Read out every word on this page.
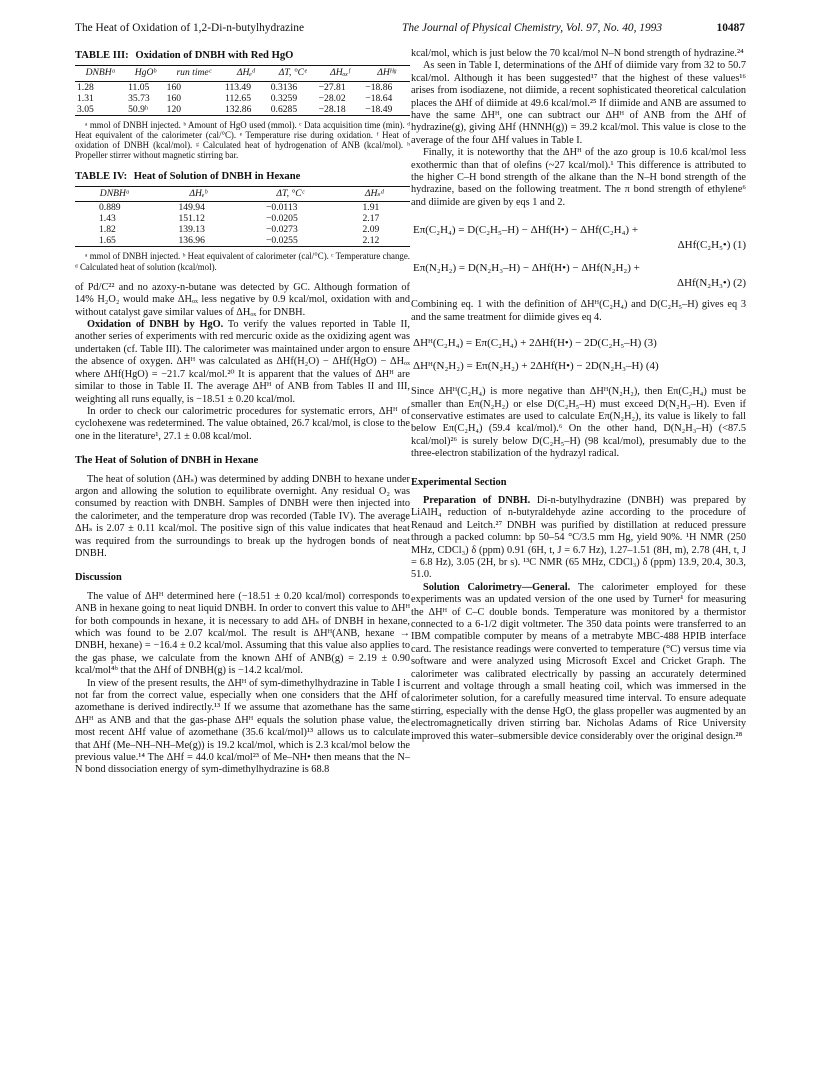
The Heat of Oxidation of 1,2-Di-n-butylhydrazine	The Journal of Physical Chemistry, Vol. 97, No. 40, 1993	10487
TABLE III: Oxidation of DNBH with Red HgO
DNBHᵃ	HgOᵇ	run timeᶜ	ΔHₑᵈ	ΔT, °Cᵉ	ΔHₒₓᶠ	ΔHᴴᵍ
1.28	11.05	160	113.49	0.3136	−27.81	−18.86
1.31	35.73	160	112.65	0.3259	−28.02	−18.64
3.05	50.9ʰ	120	132.86	0.6285	−28.18	−18.49

ᵃ mmol of DNBH injected. ᵇ Amount of HgO used (mmol). ᶜ Data acquisition time (min). ᵈ Heat equivalent of the calorimeter (cal/°C). ᵉ Temperature rise during oxidation. ᶠ Heat of oxidation of DNBH (kcal/mol). ᵍ Calculated heat of hydrogenation of ANB (kcal/mol). ʰ Propeller stirrer without magnetic stirring bar.

TABLE IV: Heat of Solution of DNBH in Hexane
DNBHᵃ	ΔHₑᵇ	ΔT, °Cᶜ	ΔHₛᵈ
0.889	149.94	−0.0113	1.91
1.43	151.12	−0.0205	2.17
1.82	139.13	−0.0273	2.09
1.65	136.96	−0.0255	2.12

ᵃ mmol of DNBH injected. ᵇ Heat equivalent of calorimeter (cal/°C). ᶜ Temperature change. ᵈ Calculated heat of solution (kcal/mol).

of Pd/C²² and no azoxy-n-butane was detected by GC. Although formation of 14% H₂O₂ would make ΔHₒₓ less negative by 0.9 kcal/mol, oxidation with and without catalyst gave similar values of ΔHₒₓ for DNBH.

Oxidation of DNBH by HgO. To verify the values reported in Table II, another series of experiments with red mercuric oxide as the oxidizing agent was undertaken (cf. Table III). The calorimeter was maintained under argon to ensure the absence of oxygen. ΔHᴴ was calculated as ΔHf(H₂O) − ΔHf(HgO) − ΔHₒₓ where ΔHf(HgO) = −21.7 kcal/mol.²⁰ It is apparent that the values of ΔHᴴ are similar to those in Table II. The average ΔHᴴ of ANB from Tables II and III, weighting all runs equally, is −18.51 ± 0.20 kcal/mol.

In order to check our calorimetric procedures for systematic errors, ΔHᴴ of cyclohexene was redetermined. The value obtained, 26.7 kcal/mol, is close to the one in the literature¹, 27.1 ± 0.08 kcal/mol.

The Heat of Solution of DNBH in Hexane

The heat of solution (ΔHₛ) was determined by adding DNBH to hexane under argon and allowing the solution to equilibrate overnight. Any residual O₂ was consumed by reaction with DNBH. Samples of DNBH were then injected into the calorimeter, and the temperature drop was recorded (Table IV). The average ΔHₛ is 2.07 ± 0.11 kcal/mol. The positive sign of this value indicates that heat was required from the surroundings to break up the hydrogen bonds of neat DNBH.

Discussion

The value of ΔHᴴ determined here (−18.51 ± 0.20 kcal/mol) corresponds to ANB in hexane going to neat liquid DNBH. In order to convert this value to ΔHᴴ for both compounds in hexane, it is necessary to add ΔHₛ of DNBH in hexane, which was found to be 2.07 kcal/mol. The result is ΔHᴴ(ANB, hexane → DNBH, hexane) = −16.4 ± 0.2 kcal/mol. Assuming that this value also applies to the gas phase, we calculate from the known ΔHf of ANB(g) = 2.19 ± 0.90 kcal/mol⁴ᵇ that the ΔHf of DNBH(g) is −14.2 kcal/mol.

In view of the present results, the ΔHᴴ of sym-dimethylhydrazine in Table I is not far from the correct value, especially when one considers that the ΔHf of azomethane is derived indirectly.¹³ If we assume that azomethane has the same ΔHᴴ as ANB and that the gas-phase ΔHᴴ equals the solution phase value, the most recent ΔHf value of azomethane (35.6 kcal/mol)¹³ allows us to calculate that ΔHf (Me–NH–NH–Me(g)) is 19.2 kcal/mol, which is 2.3 kcal/mol below the previous value.¹⁴ The ΔHf = 44.0 kcal/mol²³ of Me–NH• then means that the N–N bond dissociation energy of sym-dimethylhydrazine is 68.8

kcal/mol, which is just below the 70 kcal/mol N–N bond strength of hydrazine.²⁴

As seen in Table I, determinations of the ΔHf of diimide vary from 32 to 50.7 kcal/mol. Although it has been suggested¹⁷ that the highest of these values¹⁶ arises from isodiazene, not diimide, a recent sophisticated theoretical calculation places the ΔHf of diimide at 49.6 kcal/mol.²⁵ If diimide and ANB are assumed to have the same ΔHᴴ, one can subtract our ΔHᴴ of ANB from the ΔHf of hydrazine(g), giving ΔHf (HNNH(g)) = 39.2 kcal/mol. This value is close to the average of the four ΔHf values in Table I.

Finally, it is noteworthy that the ΔHᴴ of the azo group is 10.6 kcal/mol less exothermic than that of olefins (~27 kcal/mol).¹ This difference is attributed to the higher C–H bond strength of the alkane than the N–H bond strength of the hydrazine, based on the following treatment. The π bond strength of ethylene⁶ and diimide are given by eqs 1 and 2.

Eπ(C₂H₄) = D(C₂H₅–H) − ΔHf(H•) − ΔHf(C₂H₄) +
ΔHf(C₂H₅•) (1)
Eπ(N₂H₂) = D(N₂H₃–H) − ΔHf(H•) − ΔHf(N₂H₂) +
ΔHf(N₂H₃•) (2)

Combining eq. 1 with the definition of ΔHᴴ(C₂H₄) and D(C₂H₅–H) gives eq 3 and the same treatment for diimide gives eq 4.

ΔHᴴ(C₂H₄) = Eπ(C₂H₄) + 2ΔHf(H•) − 2D(C₂H₅–H) (3)
ΔHᴴ(N₂H₂) = Eπ(N₂H₂) + 2ΔHf(H•) − 2D(N₂H₃–H) (4)

Since ΔHᴴ(C₂H₄) is more negative than ΔHᴴ(N₂H₂), then Eπ(C₂H₄) must be smaller than Eπ(N₂H₂) or else D(C₂H₅–H) must exceed D(N₂H₃–H). Even if conservative estimates are used to calculate Eπ(N₂H₂), its value is likely to fall below Eπ(C₂H₄) (59.4 kcal/mol).⁶ On the other hand, D(N₂H₃–H) (<87.5 kcal/mol)²⁶ is surely below D(C₂H₅–H) (98 kcal/mol), presumably due to the three-electron stabilization of the hydrazyl radical.

Experimental Section

Preparation of DNBH. Di-n-butylhydrazine (DNBH) was prepared by LiAlH₄ reduction of n-butyraldehyde azine according to the procedure of Renaud and Leitch.²⁷ DNBH was purified by distillation at reduced pressure through a packed column: bp 50–54 °C/3.5 mm Hg, yield 90%. ¹H NMR (250 MHz, CDCl₃) δ (ppm) 0.91 (6H, t, J = 6.7 Hz), 1.27–1.51 (8H, m), 2.78 (4H, t, J = 6.8 Hz), 3.05 (2H, br s). ¹³C NMR (65 MHz, CDCl₃) δ (ppm) 13.9, 20.4, 30.3, 51.0.

Solution Calorimetry—General. The calorimeter employed for these experiments was an updated version of the one used by Turner¹ for measuring the ΔHᴴ of C–C double bonds. Temperature was monitored by a thermistor connected to a 6-1/2 digit voltmeter. The 350 data points were transferred to an IBM compatible computer by means of a metrabyte MBC-488 HPIB interface card. The resistance readings were converted to temperature (°C) versus time via software and were analyzed using Microsoft Excel and Cricket Graph. The calorimeter was calibrated electrically by passing an accurately determined current and voltage through a small heating coil, which was immersed in the calorimeter solution, for a carefully measured time interval. To ensure adequate stirring, especially with the dense HgO, the glass propeller was augmented by an electromagnetically driven stirring bar. Nicholas Adams of Rice University improved this water–submersible device considerably over the original design.²⁸
